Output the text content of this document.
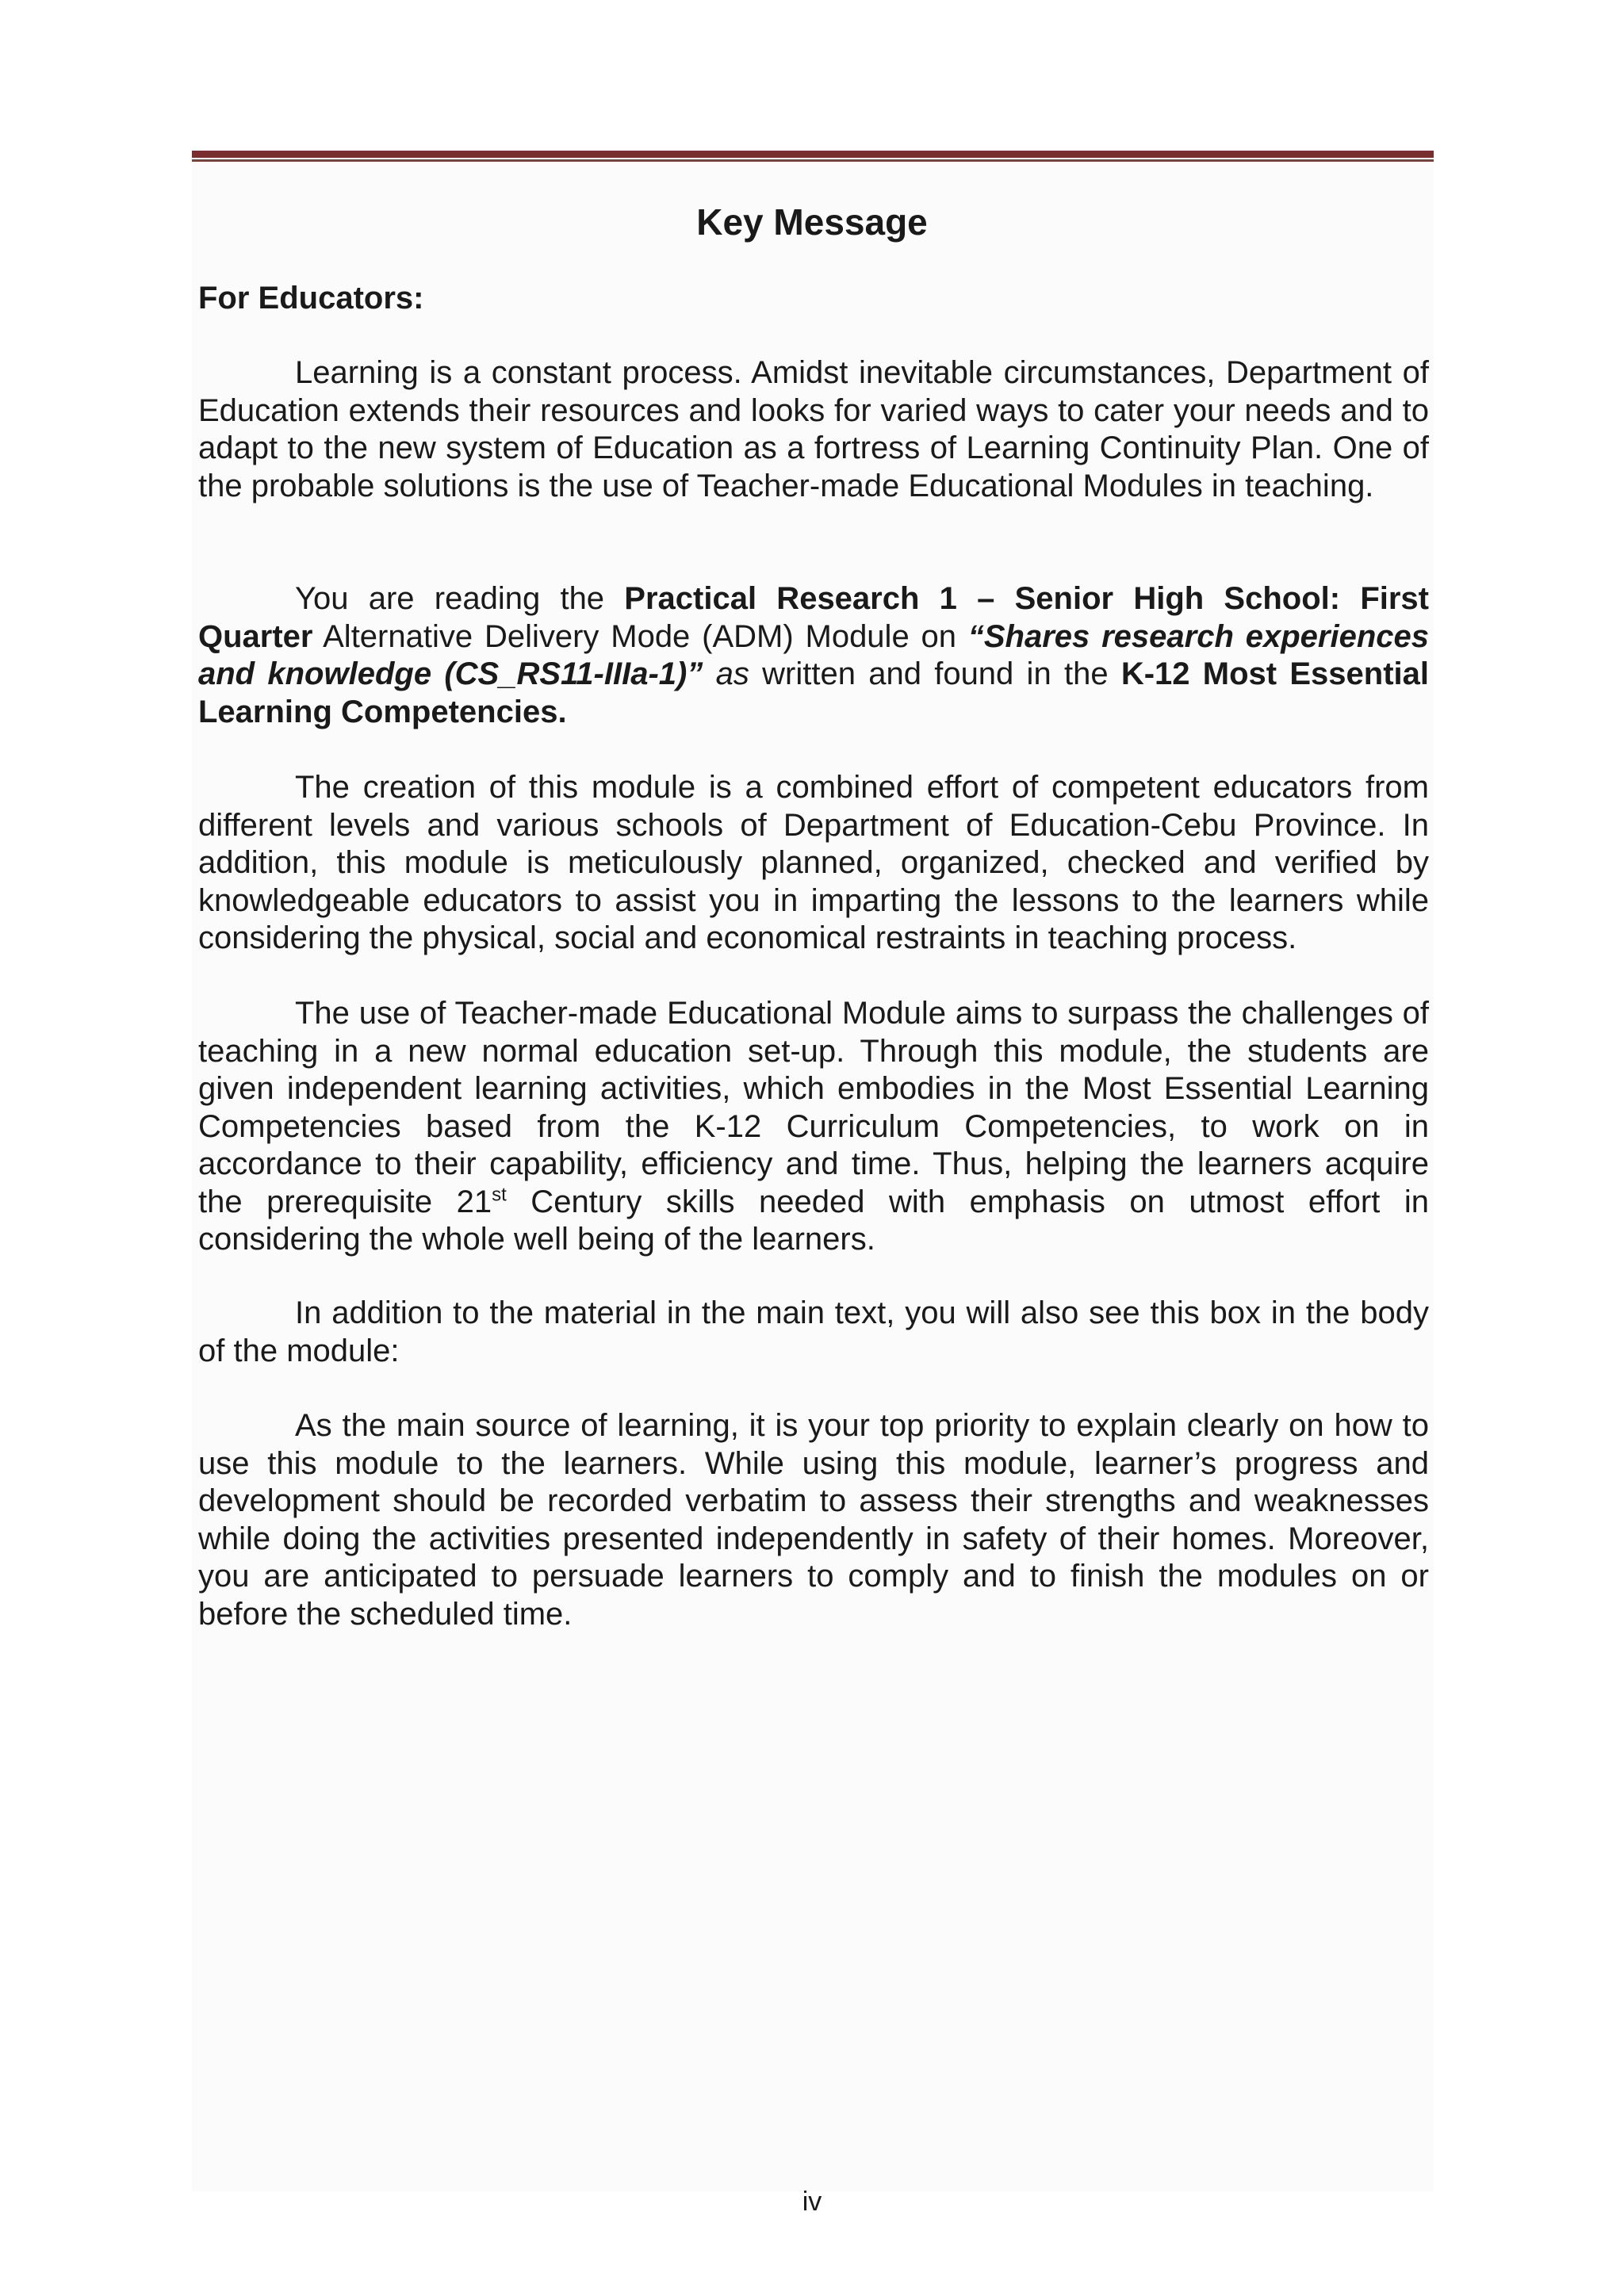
Key Message
For Educators:

Learning is a constant process. Amidst inevitable circumstances, Department of Education extends their resources and looks for varied ways to cater your needs and to adapt to the new system of Education as a fortress of Learning Continuity Plan. One of the probable solutions is the use of Teacher-made Educational Modules in teaching.

You are reading the Practical Research 1 – Senior High School: First Quarter Alternative Delivery Mode (ADM) Module on “Shares research experiences and knowledge (CS_RS11-IIIa-1)” as written and found in the K-12 Most Essential Learning Competencies.

The creation of this module is a combined effort of competent educators from different levels and various schools of Department of Education-Cebu Province. In addition, this module is meticulously planned, organized, checked and verified by knowledgeable educators to assist you in imparting the lessons to the learners while considering the physical, social and economical restraints in teaching process.

The use of Teacher-made Educational Module aims to surpass the challenges of teaching in a new normal education set-up. Through this module, the students are given independent learning activities, which embodies in the Most Essential Learning Competencies based from the K-12 Curriculum Competencies, to work on in accordance to their capability, efficiency and time. Thus, helping the learners acquire the prerequisite 21st Century skills needed with emphasis on utmost effort in considering the whole well being of the learners.

In addition to the material in the main text, you will also see this box in the body of the module:

As the main source of learning, it is your top priority to explain clearly on how to use this module to the learners. While using this module, learner’s progress and development should be recorded verbatim to assess their strengths and weaknesses while doing the activities presented independently in safety of their homes. Moreover, you are anticipated to persuade learners to comply and to finish the modules on or before the scheduled time.

iv
